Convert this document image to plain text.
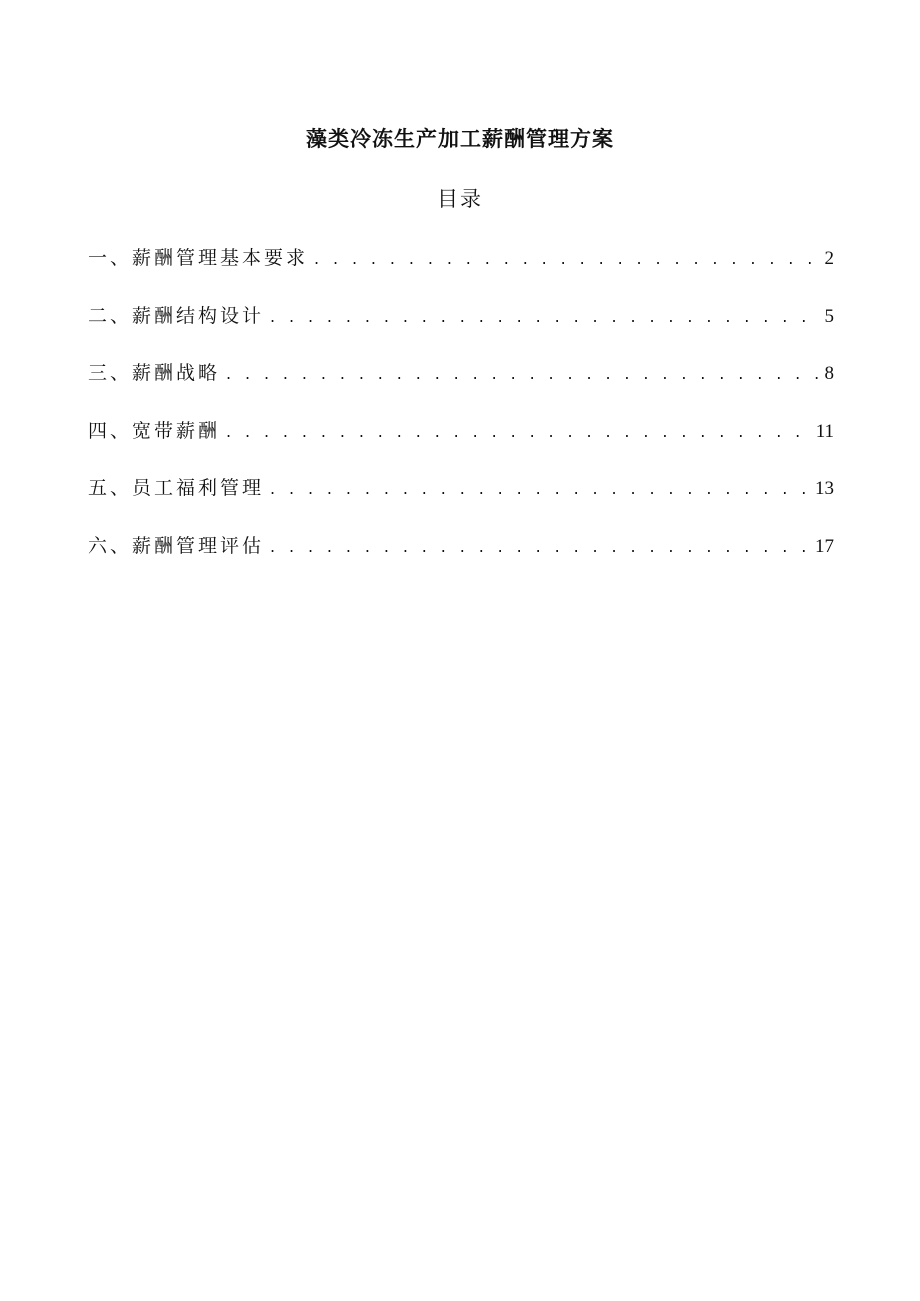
藻类冷冻生产加工薪酬管理方案
目录
一、薪酬管理基本要求 . . .	2
二、薪酬结构设计 . . .	5
三、薪酬战略 . . .	8
四、宽带薪酬 . . .	11
五、员工福利管理 . . .	13
六、薪酬管理评估 . . .	17
